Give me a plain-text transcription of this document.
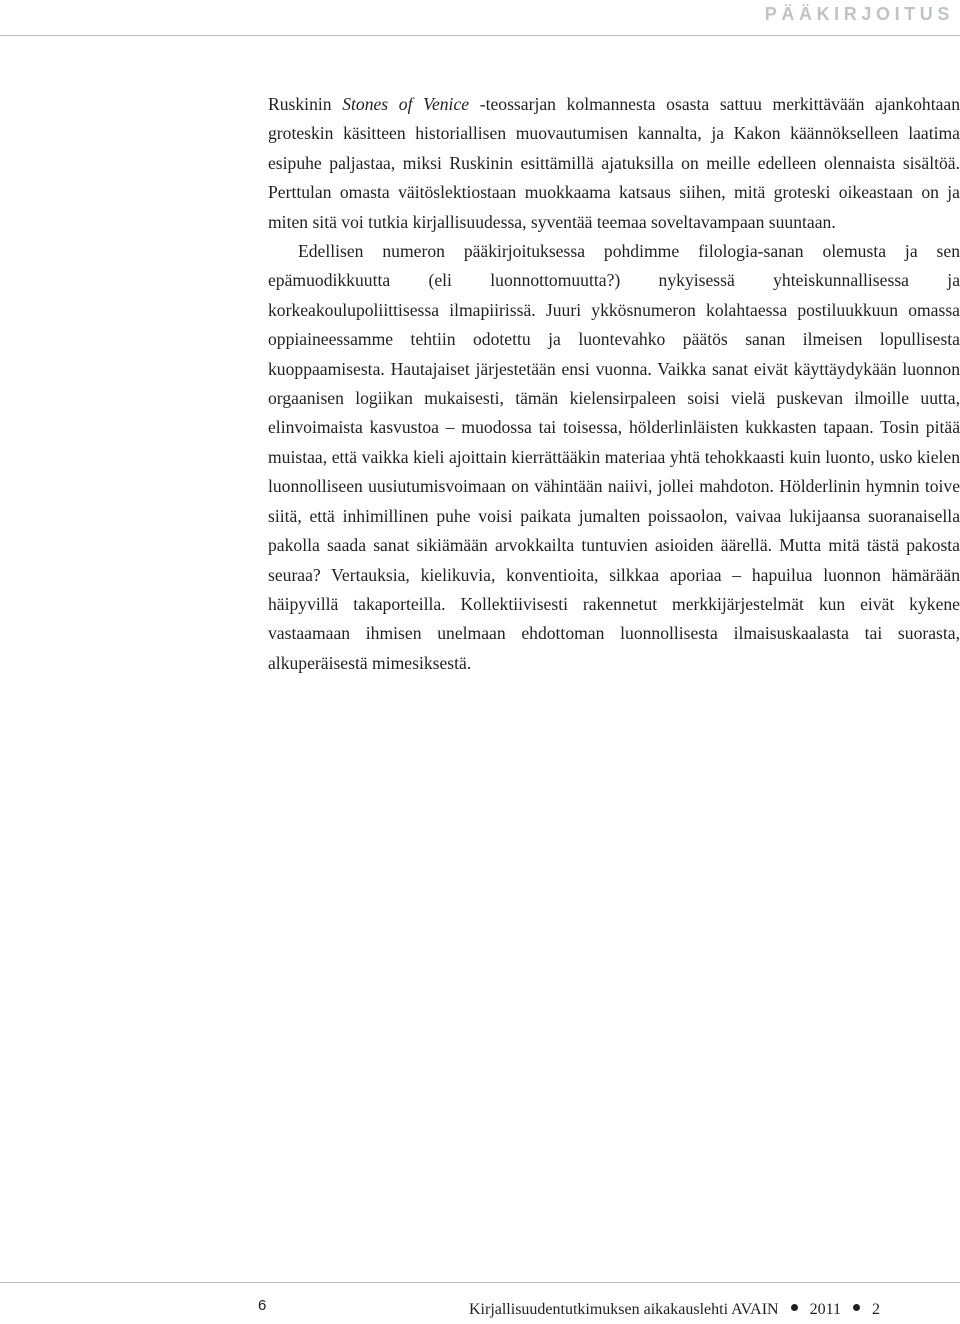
PÄÄKIRJOITUS

Ruskinin Stones of Venice -teossarjan kolmannesta osasta sattuu merkittävään ajankohtaan groteskin käsitteen historiallisen muovautumisen kannalta, ja Kakon käännökselleen laatima esipuhe paljastaa, miksi Ruskinin esittämillä ajatuksilla on meille edelleen olennaista sisältöä. Perttulan omasta väitöslektiostaan muokkaama katsaus siihen, mitä groteski oikeastaan on ja miten sitä voi tutkia kirjallisuudessa, syventää teemaa soveltavampaan suuntaan.

Edellisen numeron pääkirjoituksessa pohdimme filologia-sanan olemusta ja sen epämuodikkuutta (eli luonnottomuutta?) nykyisessä yhteiskunnallisessa ja korkeakoulupoliittisessa ilmapiirissä. Juuri ykkösnumeron kolahtaessa postiluukkuun omassa oppiaineessamme tehtiin odotettu ja luontevahko päätös sanan ilmeisen lopullisesta kuoppaamisesta. Hautajaiset järjestetään ensi vuonna. Vaikka sanat eivät käyttäydykään luonnon orgaanisen logiikan mukaisesti, tämän kielensirpaleen soisi vielä puskevan ilmoille uutta, elinvoimaista kasvustoa – muodossa tai toisessa, hölderlinläisten kukkasten tapaan. Tosin pitää muistaa, että vaikka kieli ajoittain kierrättääkin materiaa yhtä tehokkaasti kuin luonto, usko kielen luonnolliseen uusiutumisvoimaan on vähintään naiivi, jollei mahdoton. Hölderlinin hymnin toive siitä, että inhimillinen puhe voisi paikata jumalten poissaolon, vaivaa lukijaansa suoranaisella pakolla saada sanat sikiämään arvokkailta tuntuvien asioiden äärellä. Mutta mitä tästä pakosta seuraa? Vertauksia, kielikuvia, konventioita, silkkaa aporiaa – hapuilua luonnon hämärään häipyvillä takaporteilla. Kollektiivisesti rakennetut merkkijärjestelmät kun eivät kykene vastaamaan ihmisen unelmaan ehdottoman luonnollisesta ilmaisuskaalasta tai suorasta, alkuperäisestä mimesiksestä.

6	Kirjallisuudentutkimuksen aikakauslehti AVAIN 2011 2
